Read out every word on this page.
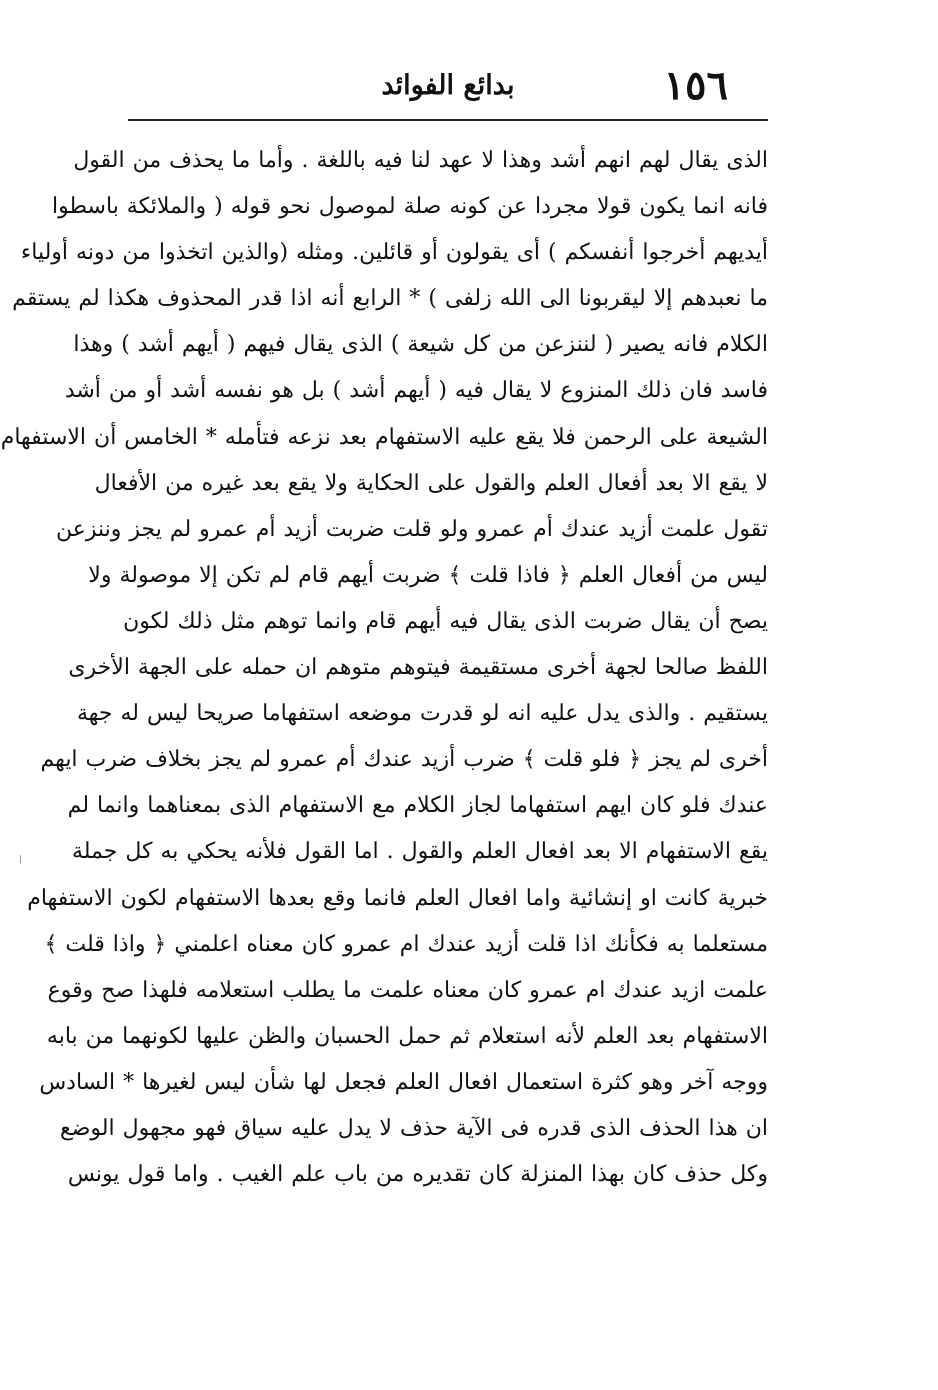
١٥٦
بدائع الفوائد
الذى يقال لهم انهم أشد وهذا لا عهد لنا فيه باللغة . وأما ما يحذف من القول
فانه انما يكون قولا مجردا عن كونه صلة لموصول نحو قوله ( والملائكة باسطوا
أيديهم أخرجوا أنفسكم ) أى يقولون أو قائلين. ومثله (والذين اتخذوا من دونه أولياء
ما نعبدهم إلا ليقربونا الى الله زلفى ) * الرابع أنه اذا قدر المحذوف هكذا لم يستقم
الكلام فانه يصير ( لننزعن من كل شيعة ) الذى يقال فيهم ( أيهم أشد ) وهذا
فاسد فان ذلك المنزوع لا يقال فيه ( أيهم أشد ) بل هو نفسه أشد أو من أشد
الشيعة على الرحمن فلا يقع عليه الاستفهام بعد نزعه فتأمله * الخامس أن الاستفهام
لا يقع الا بعد أفعال العلم والقول على الحكاية ولا يقع بعد غيره من الأفعال
تقول علمت أزيد عندك أم عمرو ولو قلت ضربت أزيد أم عمرو لم يجز وننزعن
ليس من أفعال العلم ﴿ فاذا قلت ﴾ ضربت أيهم قام لم تكن إلا موصولة ولا
يصح أن يقال ضربت الذى يقال فيه أيهم قام وانما توهم مثل ذلك لكون
اللفظ صالحا لجهة أخرى مستقيمة فيتوهم متوهم ان حمله على الجهة الأخرى
يستقيم . والذى يدل عليه انه لو قدرت موضعه استفهاما صريحا ليس له جهة
أخرى لم يجز ﴿ فلو قلت ﴾ ضرب أزيد عندك أم عمرو لم يجز بخلاف ضرب ايهم
عندك فلو كان ايهم استفهاما لجاز الكلام مع الاستفهام الذى بمعناهما وانما لم
يقع الاستفهام الا بعد افعال العلم والقول . اما القول فلأنه يحكي به كل جملة
خبرية كانت او إنشائية واما افعال العلم فانما وقع بعدها الاستفهام لكون الاستفهام
مستعلما به فكأنك اذا قلت أزيد عندك ام عمرو كان معناه اعلمني ﴿ واذا قلت ﴾
علمت ازيد عندك ام عمرو كان معناه علمت ما يطلب استعلامه فلهذا صح وقوع
الاستفهام بعد العلم لأنه استعلام ثم حمل الحسبان والظن عليها لكونهما من بابه
ووجه آخر وهو كثرة استعمال افعال العلم فجعل لها شأن ليس لغيرها * السادس
ان هذا الحذف الذى قدره فى الآية حذف لا يدل عليه سياق فهو مجهول الوضع
وكل حذف كان بهذا المنزلة كان تقديره من باب علم الغيب . واما قول يونس
